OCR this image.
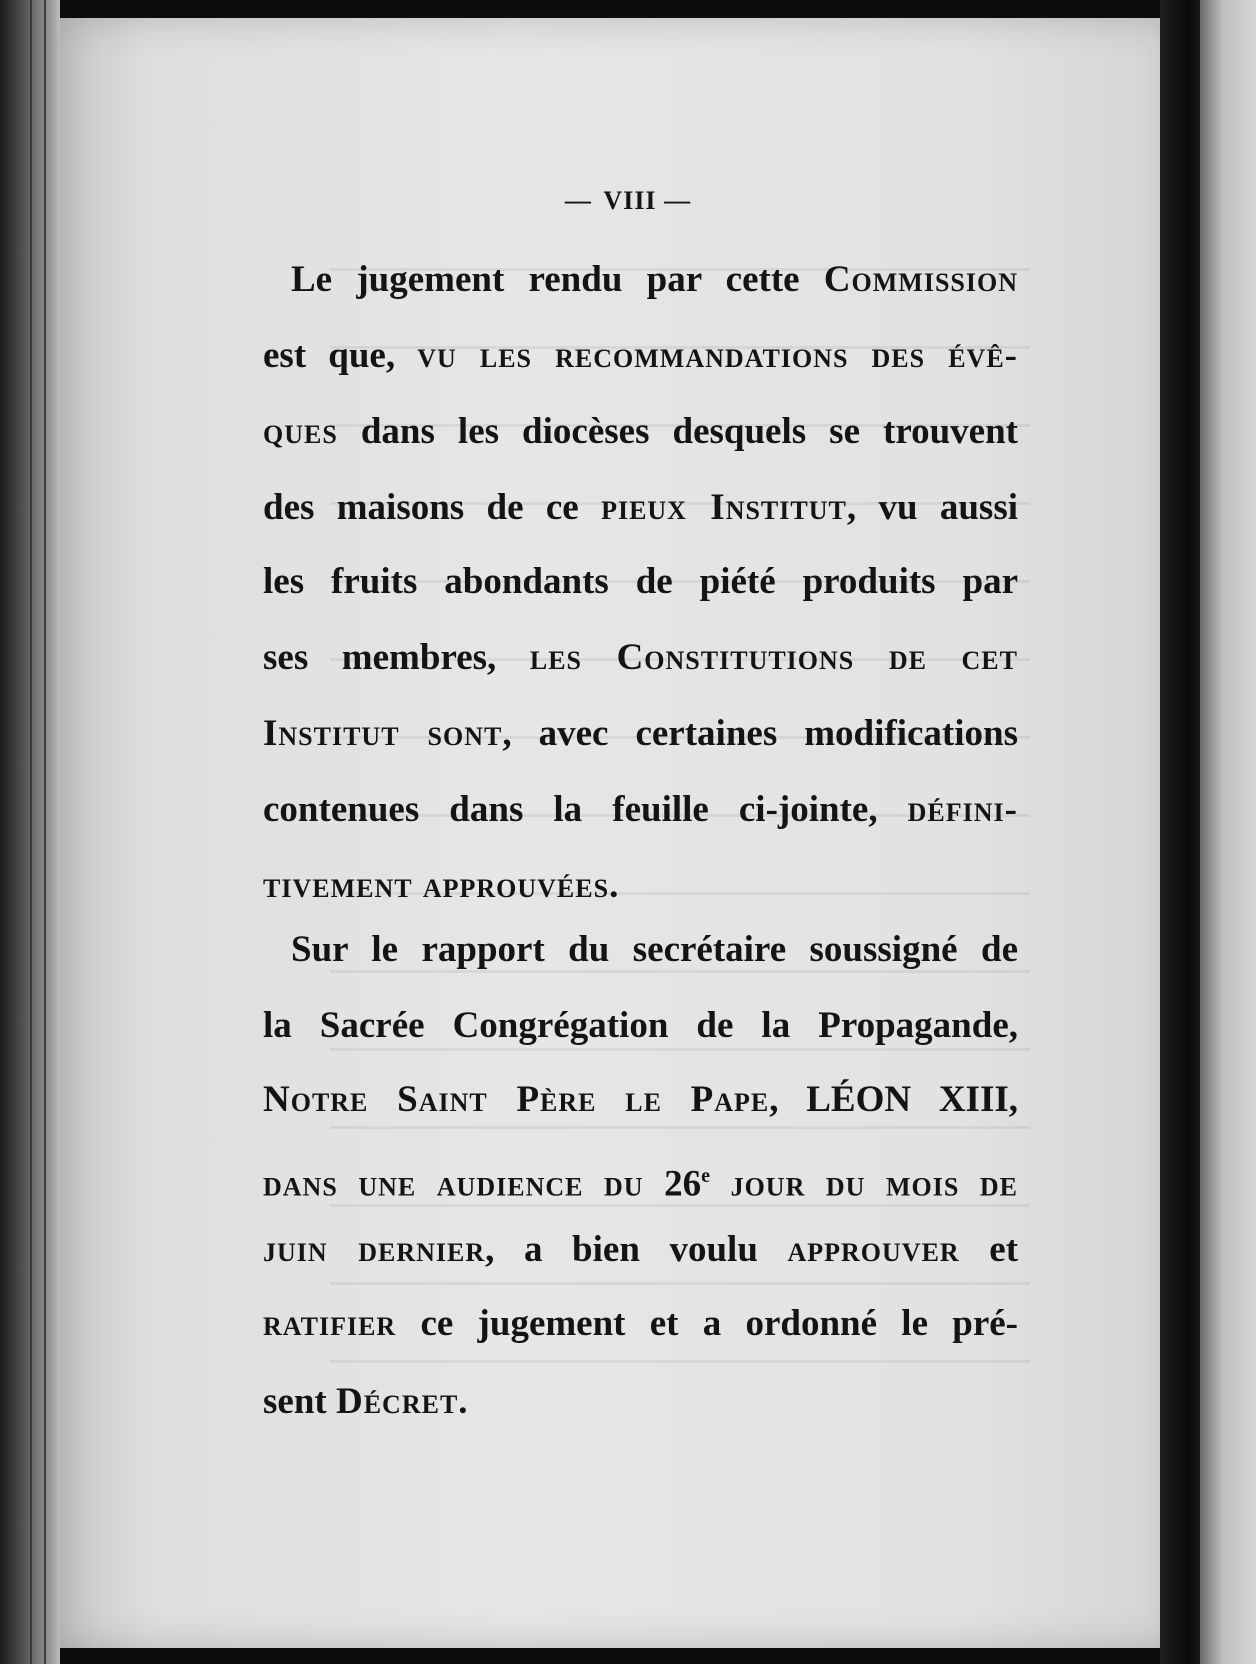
— VIII —

Le jugement rendu par cette Commission

est que, vu les recommandations des évê-

ques dans les diocèses desquels se trouvent

des maisons de ce pieux Institut, vu aussi

les fruits abondants de piété produits par

ses membres, les Constitutions de cet

Institut sont, avec certaines modifications

contenues dans la feuille ci-jointe, défini-

tivement approuvées.

Sur le rapport du secrétaire soussigné de

la Sacrée Congrégation de la Propagande,

Notre Saint Père le Pape, LÉON XIII,

dans une audience du 26e jour du mois de

juin dernier, a bien voulu approuver et

ratifier ce jugement et a ordonné le pré-

sent Décret.
